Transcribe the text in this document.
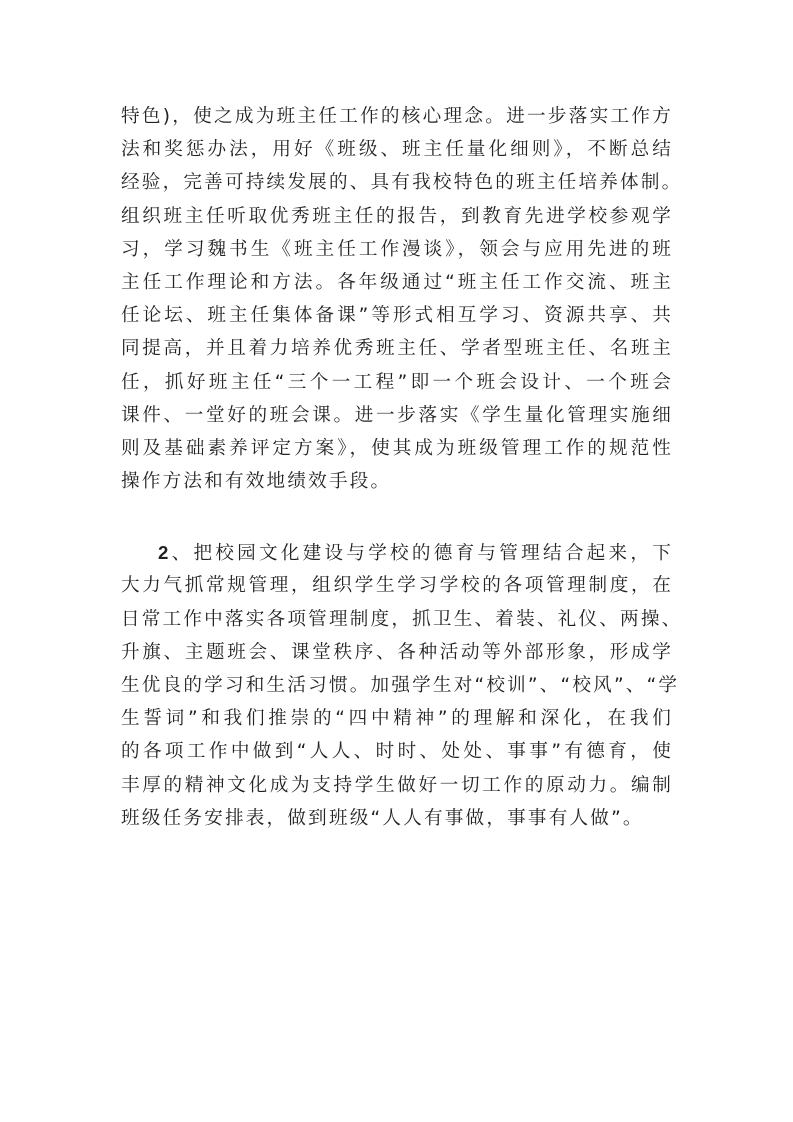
特色)，使之成为班主任工作的核心理念。进一步落实工作方
法和奖惩办法，用好《班级、班主任量化细则》，不断总结
经验，完善可持续发展的、具有我校特色的班主任培养体制。
组织班主任听取优秀班主任的报告，到教育先进学校参观学
习，学习魏书生《班主任工作漫谈》，领会与应用先进的班
主任工作理论和方法。各年级通过“班主任工作交流、班主
任论坛、班主任集体备课”等形式相互学习、资源共享、共
同提高，并且着力培养优秀班主任、学者型班主任、名班主
任，抓好班主任“三个一工程”即一个班会设计、一个班会
课件、一堂好的班会课。进一步落实《学生量化管理实施细
则及基础素养评定方案》，使其成为班级管理工作的规范性
操作方法和有效地绩效手段。
2、把校园文化建设与学校的德育与管理结合起来，下
大力气抓常规管理，组织学生学习学校的各项管理制度，在
日常工作中落实各项管理制度，抓卫生、着装、礼仪、两操、
升旗、主题班会、课堂秩序、各种活动等外部形象，形成学
生优良的学习和生活习惯。加强学生对“校训”、“校风”、“学
生誓词”和我们推崇的“四中精神”的理解和深化，在我们
的各项工作中做到“人人、时时、处处、事事”有德育，使
丰厚的精神文化成为支持学生做好一切工作的原动力。编制
班级任务安排表，做到班级“人人有事做，事事有人做”。
